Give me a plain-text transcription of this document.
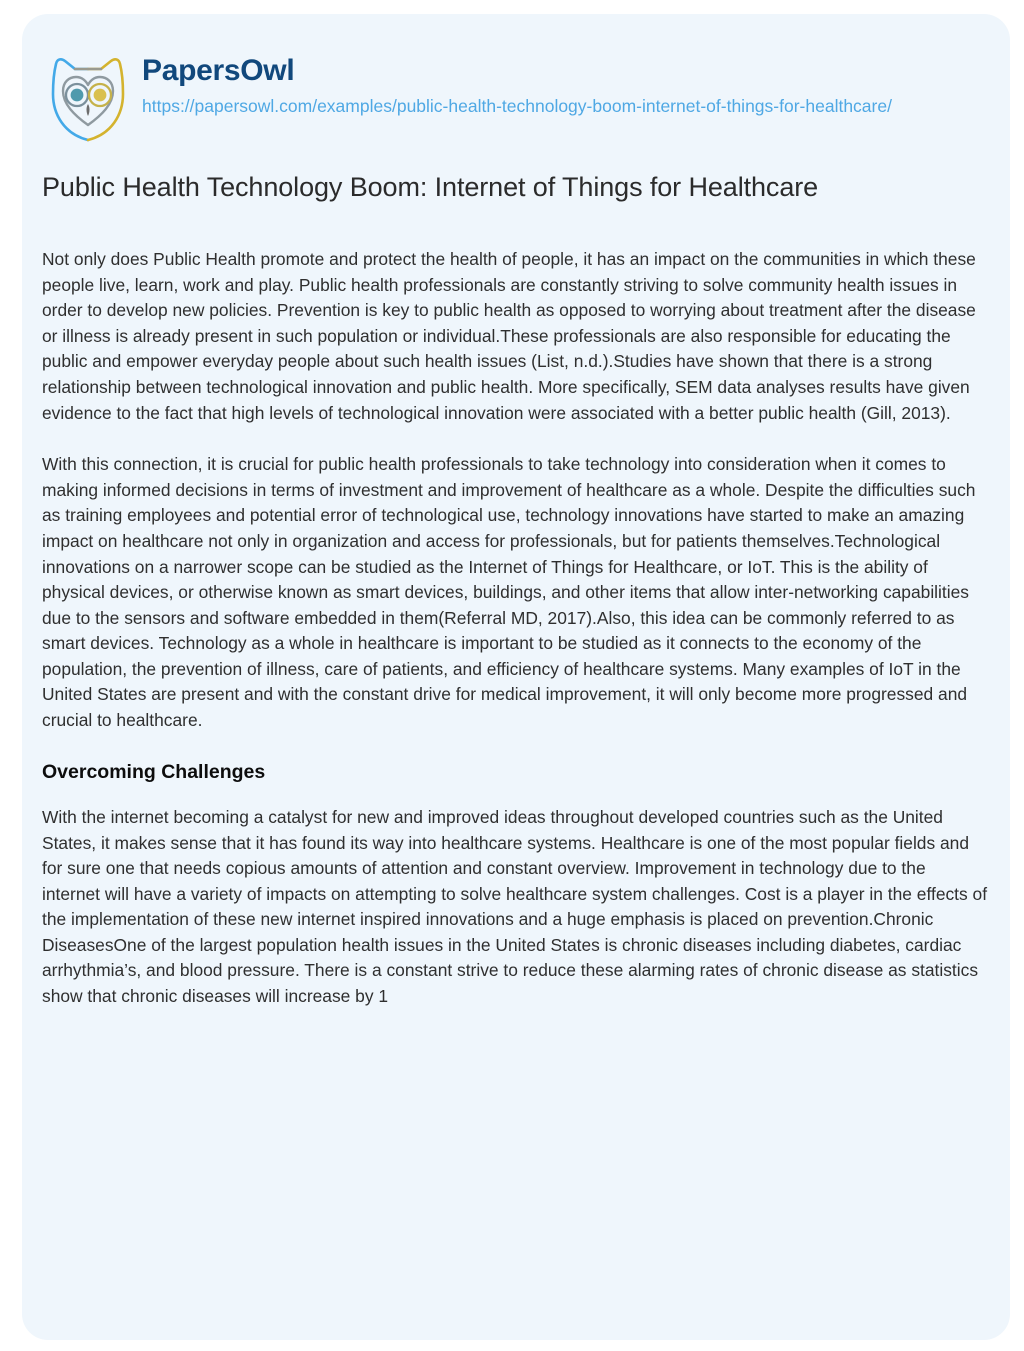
PapersOwl
https://papersowl.com/examples/public-health-technology-boom-internet-of-things-for-healthcare/
Public Health Technology Boom: Internet of Things for Healthcare

Not only does Public Health promote and protect the health of people, it has an impact on the communities in which these people live, learn, work and play. Public health professionals are constantly striving to solve community health issues in order to develop new policies. Prevention is key to public health as opposed to worrying about treatment after the disease or illness is already present in such population or individual.These professionals are also responsible for educating the public and empower everyday people about such health issues (List, n.d.).Studies have shown that there is a strong relationship between technological innovation and public health. More specifically, SEM data analyses results have given evidence to the fact that high levels of technological innovation were associated with a better public health (Gill, 2013).

With this connection, it is crucial for public health professionals to take technology into consideration when it comes to making informed decisions in terms of investment and improvement of healthcare as a whole. Despite the difficulties such as training employees and potential error of technological use, technology innovations have started to make an amazing impact on healthcare not only in organization and access for professionals, but for patients themselves.Technological innovations on a narrower scope can be studied as the Internet of Things for Healthcare, or IoT. This is the ability of physical devices, or otherwise known as smart devices, buildings, and other items that allow inter-networking capabilities due to the sensors and software embedded in them(Referral MD, 2017).Also, this idea can be commonly referred to as smart devices. Technology as a whole in healthcare is important to be studied as it connects to the economy of the population, the prevention of illness, care of patients, and efficiency of healthcare systems. Many examples of IoT in the United States are present and with the constant drive for medical improvement, it will only become more progressed and crucial to healthcare.

Overcoming Challenges

With the internet becoming a catalyst for new and improved ideas throughout developed countries such as the United States, it makes sense that it has found its way into healthcare systems. Healthcare is one of the most popular fields and for sure one that needs copious amounts of attention and constant overview. Improvement in technology due to the internet will have a variety of impacts on attempting to solve healthcare system challenges. Cost is a player in the effects of the implementation of these new internet inspired innovations and a huge emphasis is placed on prevention.Chronic DiseasesOne of the largest population health issues in the United States is chronic diseases including diabetes, cardiac arrhythmia’s, and blood pressure. There is a constant strive to reduce these alarming rates of chronic disease as statistics show that chronic diseases will increase by 1
